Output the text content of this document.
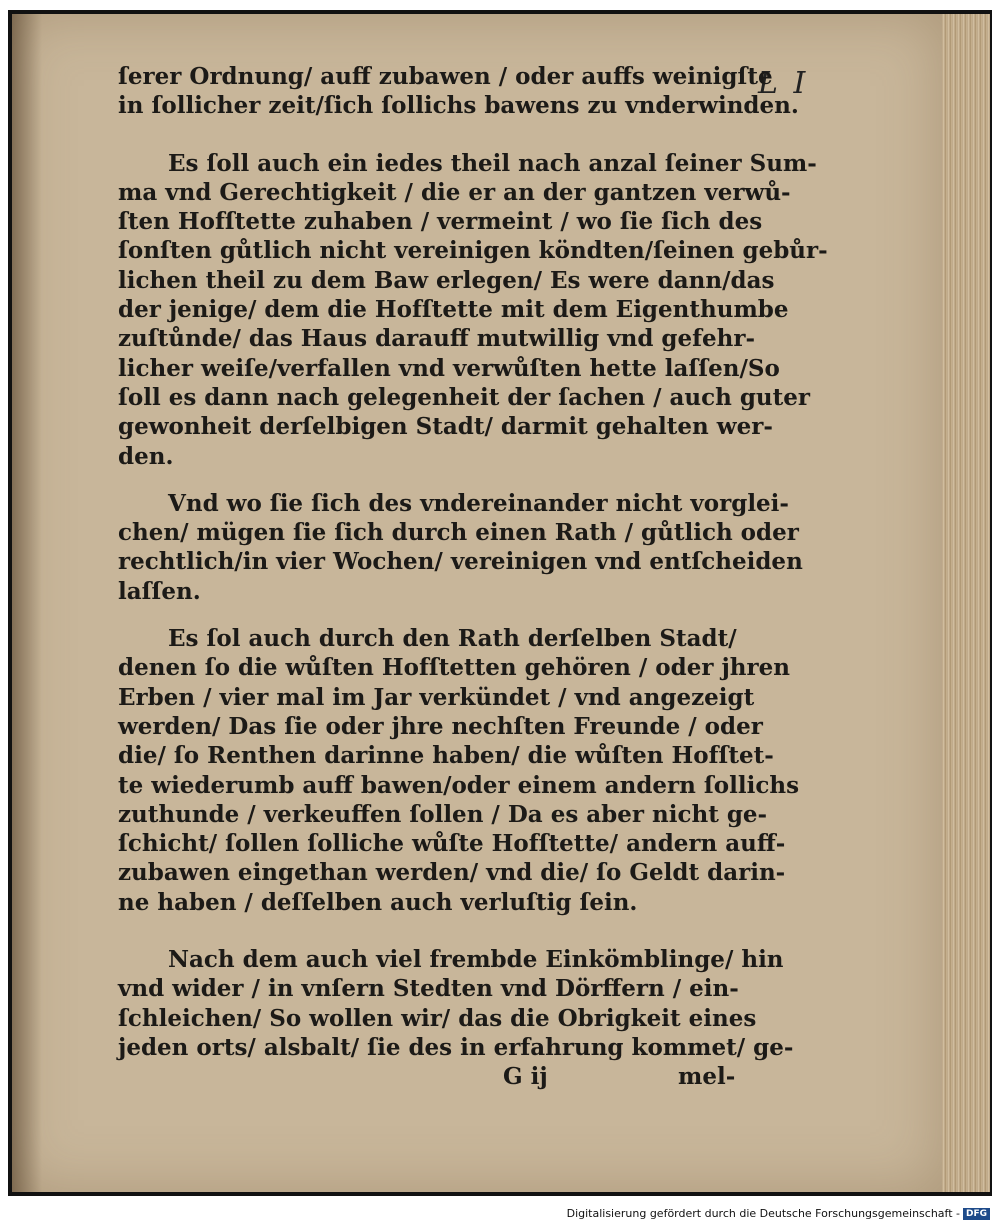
L I
ſerer Ordnung/ auff zubawen / oder auffs weinigſte
in ſollicher zeit/ſich ſollichs bawens zu vnderwinden.
Es ſoll auch ein iedes theil nach anzal ſeiner Sum-
ma vnd Gerechtigkeit / die er an der gantzen verwů-
ſten Hofſtette zuhaben / vermeint / wo ſie ſich des
ſonſten gůtlich nicht vereinigen köndten/ſeinen gebůr-
lichen theil zu dem Baw erlegen/ Es were dann/das
der jenige/ dem die Hofſtette mit dem Eigenthumbe
zuſtůnde/ das Haus darauff mutwillig vnd gefehr-
licher weiſe/verfallen vnd verwůſten hette laſſen/So
ſoll es dann nach gelegenheit der ſachen / auch guter
gewonheit derſelbigen Stadt/ darmit gehalten wer-
den.
Vnd wo ſie ſich des vndereinander nicht vorglei-
chen/ mügen ſie ſich durch einen Rath / gůtlich oder
rechtlich/in vier Wochen/ vereinigen vnd entſcheiden
laſſen.
Es ſol auch durch den Rath derſelben Stadt/
denen ſo die wůſten Hofſtetten gehören / oder jhren
Erben / vier mal im Jar verkündet / vnd angezeigt
werden/ Das ſie oder jhre nechſten Freunde / oder
die/ ſo Renthen darinne haben/ die wůſten Hofſtet-
te wiederumb auff bawen/oder einem andern ſollichs
zuthunde / verkeuffen ſollen / Da es aber nicht ge-
ſchicht/ ſollen ſolliche wůſte Hofſtette/ andern auff-
zubawen eingethan werden/ vnd die/ ſo Geldt darin-
ne haben / deſſelben auch verluſtig ſein.
Nach dem auch viel frembde Einkömblinge/ hin
vnd wider / in vnſern Stedten vnd Dörffern / ein-
ſchleichen/ So wollen wir/ das die Obrigkeit eines
jeden orts/ alsbalt/ ſie des in erfahrung kommet/ ge-
G ij	mel-
Digitalisierung gefördert durch die Deutsche Forschungsgemeinschaft - DFG
